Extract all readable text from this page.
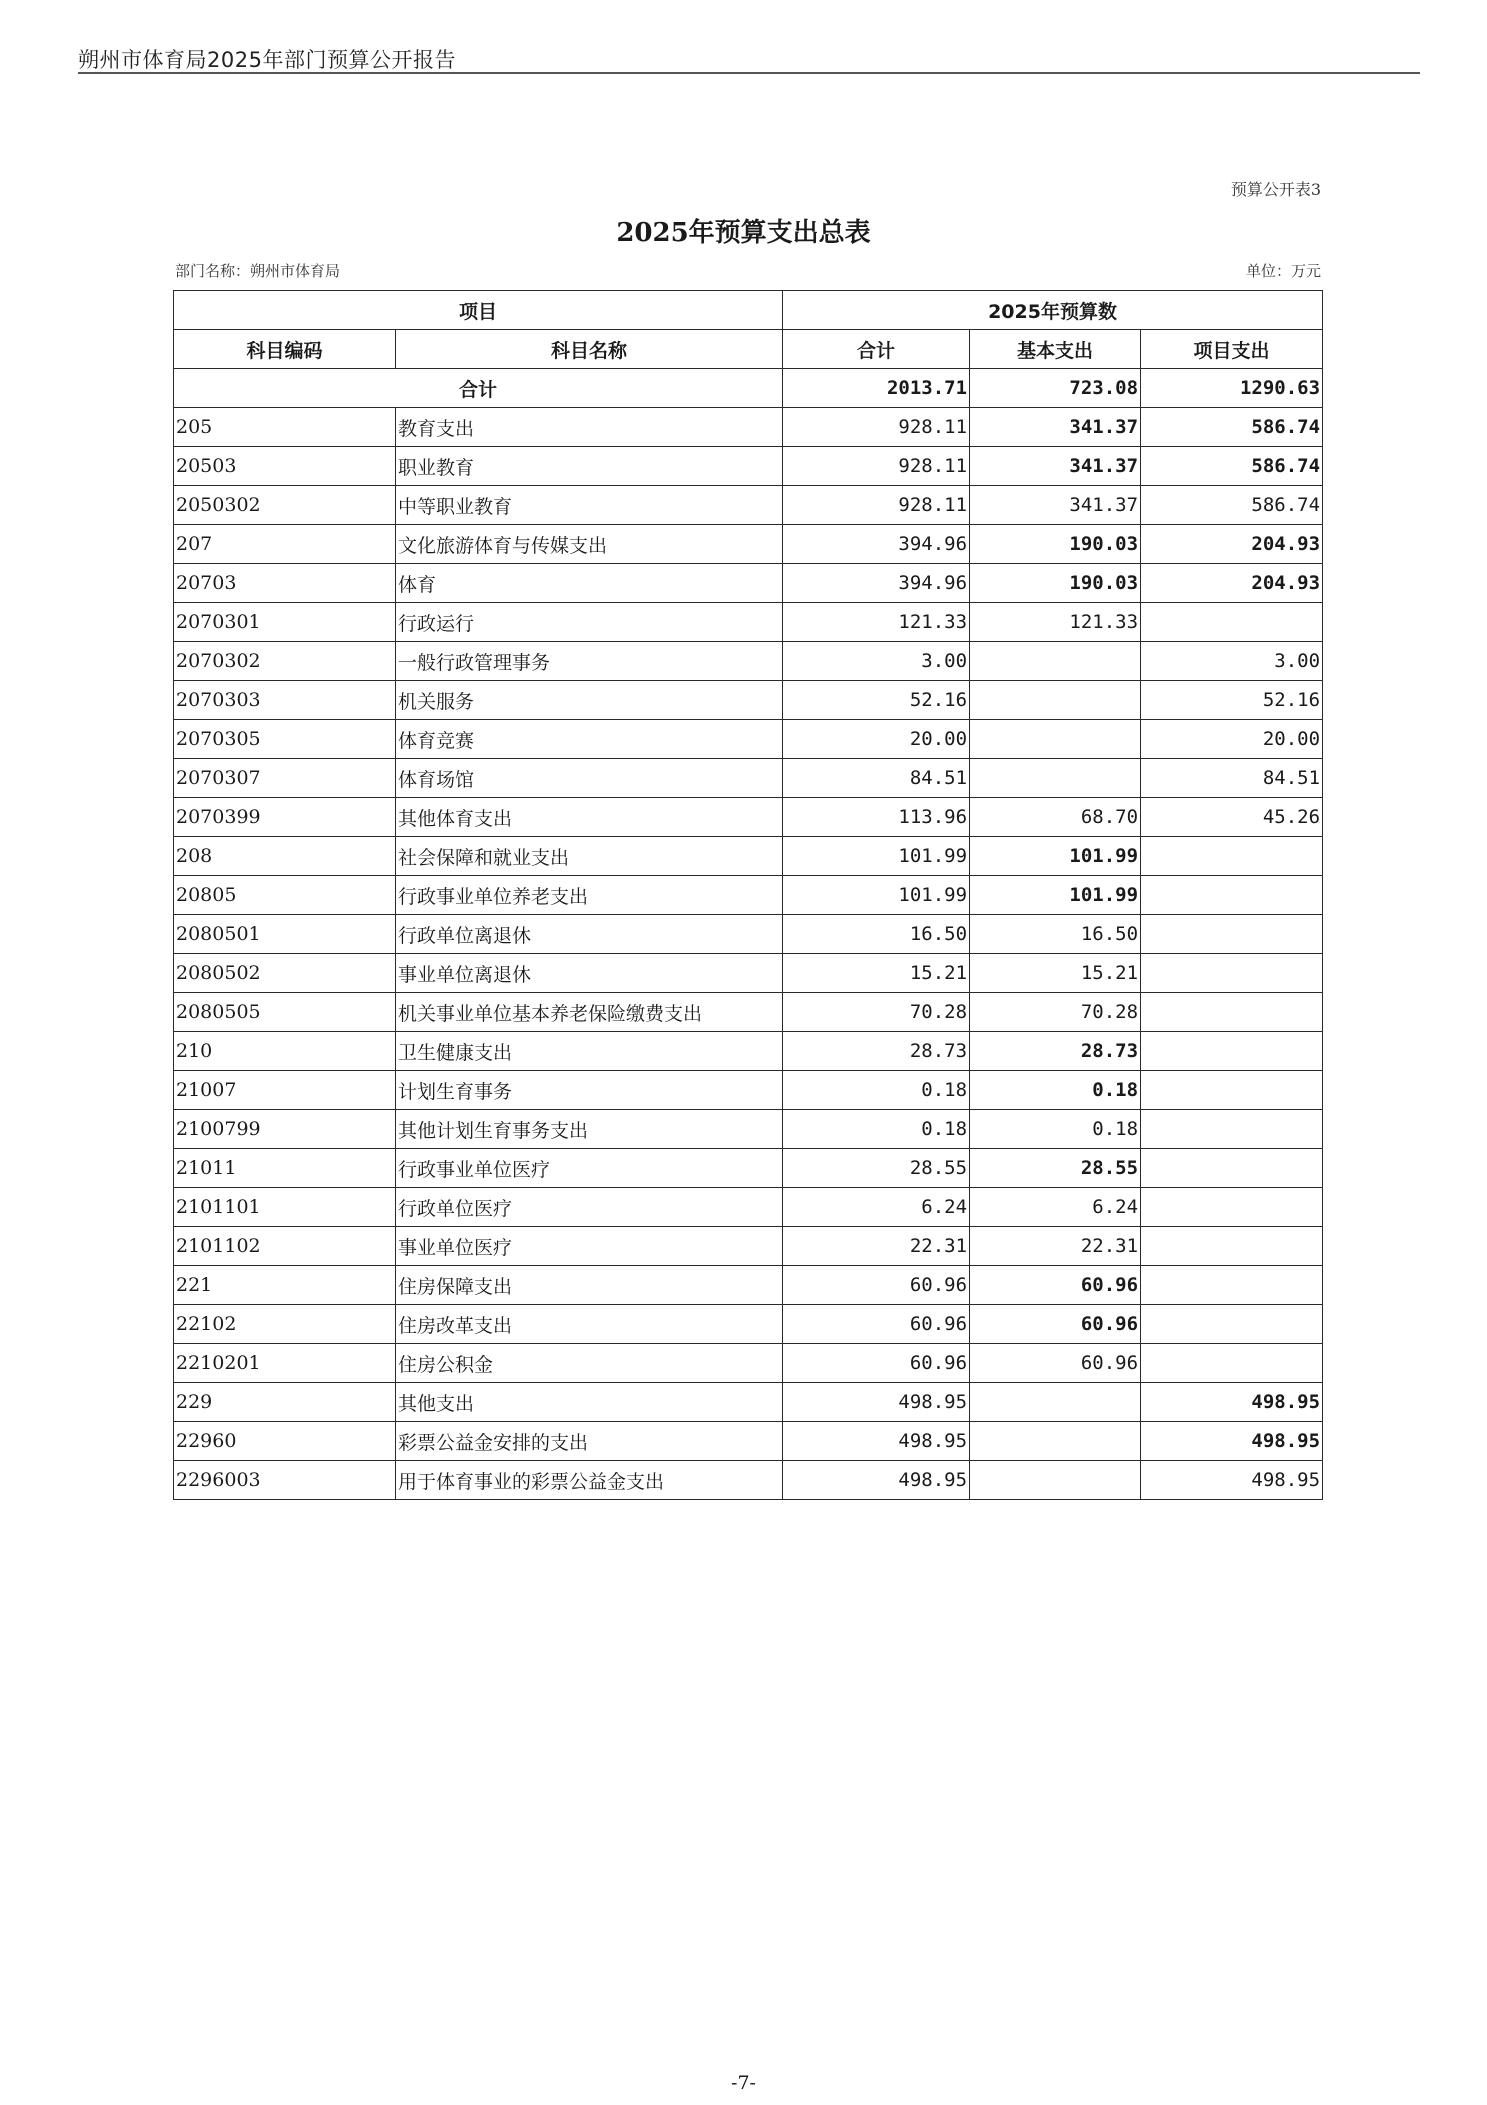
朔州市体育局2025年部门预算公开报告
预算公开表3
2025年预算支出总表
部门名称：朔州市体育局	单位：万元
项目		2025年预算数		
科目编码	科目名称	合计	基本支出	项目支出
合计		2013.71	723.08	1290.63
205	教育支出	928.11	341.37	586.74
20503	职业教育	928.11	341.37	586.74
2050302	中等职业教育	928.11	341.37	586.74
207	文化旅游体育与传媒支出	394.96	190.03	204.93
20703	体育	394.96	190.03	204.93
2070301	行政运行	121.33	121.33	
2070302	一般行政管理事务	3.00		3.00
2070303	机关服务	52.16		52.16
2070305	体育竞赛	20.00		20.00
2070307	体育场馆	84.51		84.51
2070399	其他体育支出	113.96	68.70	45.26
208	社会保障和就业支出	101.99	101.99	
20805	行政事业单位养老支出	101.99	101.99	
2080501	行政单位离退休	16.50	16.50	
2080502	事业单位离退休	15.21	15.21	
2080505	机关事业单位基本养老保险缴费支出	70.28	70.28	
210	卫生健康支出	28.73	28.73	
21007	计划生育事务	0.18	0.18	
2100799	其他计划生育事务支出	0.18	0.18	
21011	行政事业单位医疗	28.55	28.55	
2101101	行政单位医疗	6.24	6.24	
2101102	事业单位医疗	22.31	22.31	
221	住房保障支出	60.96	60.96	
22102	住房改革支出	60.96	60.96	
2210201	住房公积金	60.96	60.96	
229	其他支出	498.95		498.95
22960	彩票公益金安排的支出	498.95		498.95
2296003	用于体育事业的彩票公益金支出	498.95		498.95
-7-
